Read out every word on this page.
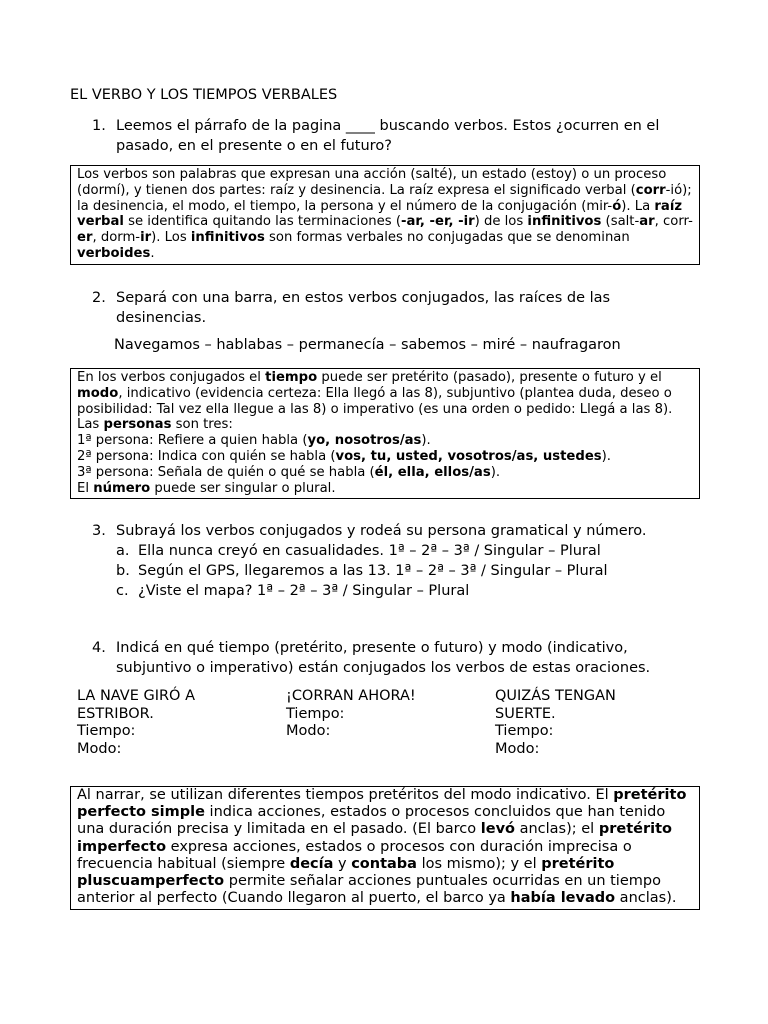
EL VERBO Y LOS TIEMPOS VERBALES
1. Leemos el párrafo de la pagina ____ buscando verbos. Estos ¿ocurren en el pasado, en el presente o en el futuro?
Los verbos son palabras que expresan una acción (salté), un estado (estoy) o un proceso (dormí), y tienen dos partes: raíz y desinencia. La raíz expresa el significado verbal (corr-ió); la desinencia, el modo, el tiempo, la persona y el número de la conjugación (mir-ó). La raíz verbal se identifica quitando las terminaciones (-ar, -er, -ir) de los infinitivos (salt-ar, corr-er, dorm-ir). Los infinitivos son formas verbales no conjugadas que se denominan verboides.
2. Separá con una barra, en estos verbos conjugados, las raíces de las desinencias.
Navegamos – hablabas – permanecía – sabemos – miré – naufragaron
En los verbos conjugados el tiempo puede ser pretérito (pasado), presente o futuro y el modo, indicativo (evidencia certeza: Ella llegó a las 8), subjuntivo (plantea duda, deseo o posibilidad: Tal vez ella llegue a las 8) o imperativo (es una orden o pedido: Llegá a las 8). Las personas son tres:
1ª persona: Refiere a quien habla (yo, nosotros/as).
2ª persona: Indica con quién se habla (vos, tu, usted, vosotros/as, ustedes).
3ª persona: Señala de quién o qué se habla (él, ella, ellos/as).
El número puede ser singular o plural.
3. Subrayá los verbos conjugados y rodeá su persona gramatical y número.
a. Ella nunca creyó en casualidades. 1ª – 2ª – 3ª / Singular – Plural
b. Según el GPS, llegaremos a las 13. 1ª – 2ª – 3ª / Singular – Plural
c. ¿Viste el mapa? 1ª – 2ª – 3ª / Singular – Plural
4. Indicá en qué tiempo (pretérito, presente o futuro) y modo (indicativo, subjuntivo o imperativo) están conjugados los verbos de estas oraciones.
LA NAVE GIRÓ A ESTRIBOR.
Tiempo:
Modo:
¡CORRAN AHORA!
Tiempo:
Modo:
QUIZÁS TENGAN SUERTE.
Tiempo:
Modo:
Al narrar, se utilizan diferentes tiempos pretéritos del modo indicativo. El pretérito perfecto simple indica acciones, estados o procesos concluidos que han tenido una duración precisa y limitada en el pasado. (El barco levó anclas); el pretérito imperfecto expresa acciones, estados o procesos con duración imprecisa o frecuencia habitual (siempre decía y contaba los mismo); y el pretérito pluscuamperfecto permite señalar acciones puntuales ocurridas en un tiempo anterior al perfecto (Cuando llegaron al puerto, el barco ya había levado anclas).
